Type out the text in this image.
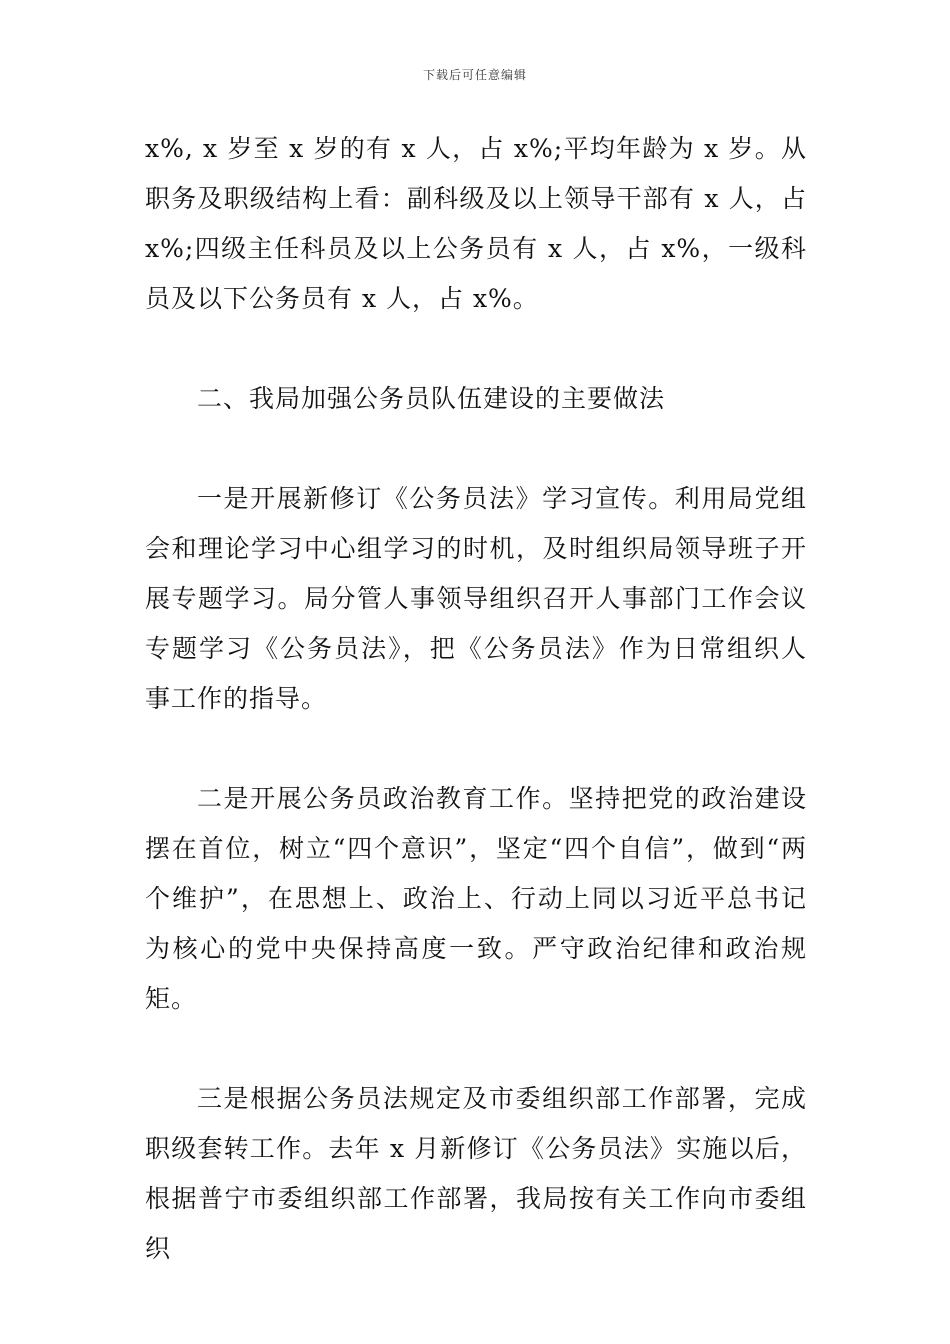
下载后可任意编辑

x%, x 岁至 x 岁的有 x 人，占 x%;平均年龄为 x 岁。从职务及职级结构上看：副科级及以上领导干部有 x 人，占 x%;四级主任科员及以上公务员有 x 人，占 x%，一级科员及以下公务员有 x 人，占 x%。

二、我局加强公务员队伍建设的主要做法

一是开展新修订《公务员法》学习宣传。利用局党组会和理论学习中心组学习的时机，及时组织局领导班子开展专题学习。局分管人事领导组织召开人事部门工作会议专题学习《公务员法》，把《公务员法》作为日常组织人事工作的指导。

二是开展公务员政治教育工作。坚持把党的政治建设摆在首位，树立“四个意识”，坚定“四个自信”，做到“两个维护”，在思想上、政治上、行动上同以习近平总书记为核心的党中央保持高度一致。严守政治纪律和政治规矩。

三是根据公务员法规定及市委组织部工作部署，完成职级套转工作。去年 x 月新修订《公务员法》实施以后，根据普宁市委组织部工作部署，我局按有关工作向市委组织
